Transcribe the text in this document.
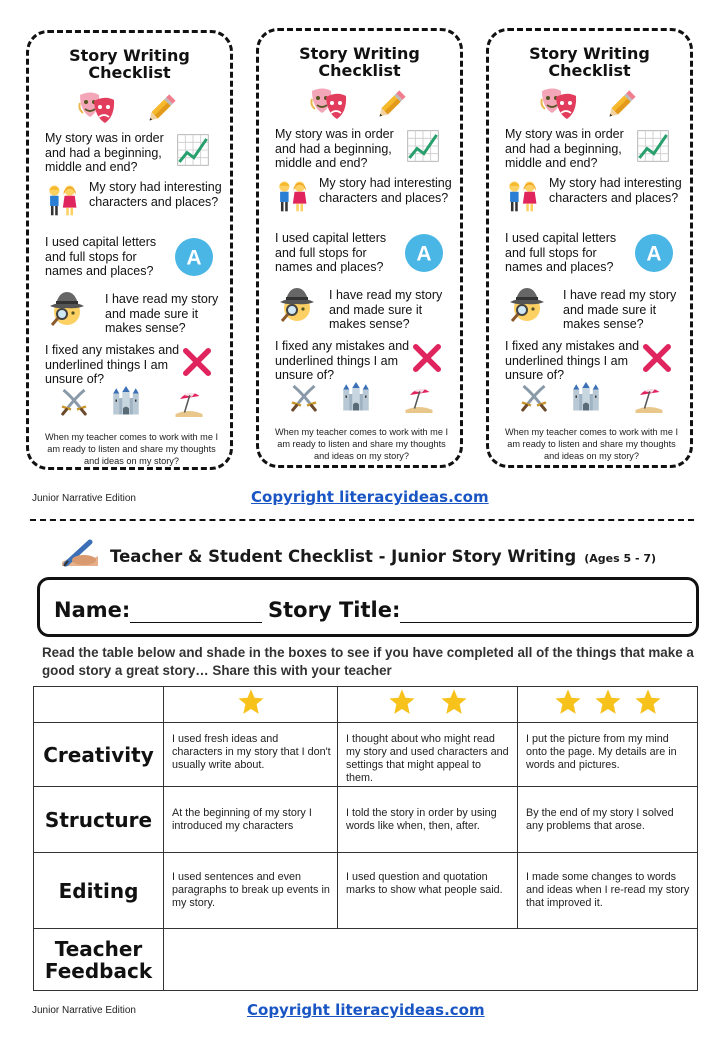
Story Writing
Checklist
My story was in order and had a beginning, middle and end?
My story had interesting characters and places?
I used capital letters and full stops for names and places?
I have read my story and made sure it makes sense?
I fixed any mistakes and underlined things I am unsure of?
When my teacher comes to work with me I am ready to listen and share my thoughts and ideas on my story?
Story Writing
Checklist
My story was in order and had a beginning, middle and end?
My story had interesting characters and places?
I used capital letters and full stops for names and places?
I have read my story and made sure it makes sense?
I fixed any mistakes and underlined things I am unsure of?
When my teacher comes to work with me I am ready to listen and share my thoughts and ideas on my story?
Story Writing
Checklist
My story was in order and had a beginning, middle and end?
My story had interesting characters and places?
I used capital letters and full stops for names and places?
I have read my story and made sure it makes sense?
I fixed any mistakes and underlined things I am unsure of?
When my teacher comes to work with me I am ready to listen and share my thoughts and ideas on my story?
Junior Narrative Edition	Copyright literacyideas.com
Teacher & Student Checklist - Junior Story Writing (Ages 5 - 7)
Name:	Story Title:
Read the table below and shade in the boxes to see if you have completed all of the things that make a good story a great story… Share this with your teacher

Creativity	I used fresh ideas and characters in my story that I don't usually write about.	I thought about who might read my story and used characters and settings that might appeal to them.	I put the picture from my mind onto the page. My details are in words and pictures.
Structure	At the beginning of my story I introduced my characters	I told the story in order by using words like when, then, after.	By the end of my story I solved any problems that arose.
Editing	I used sentences and even paragraphs to break up events in my story.	I used question and quotation marks to show what people said.	I made some changes to words and ideas when I re-read my story that improved it.

Teacher
Feedback			

Junior Narrative Edition	Copyright literacyideas.com
